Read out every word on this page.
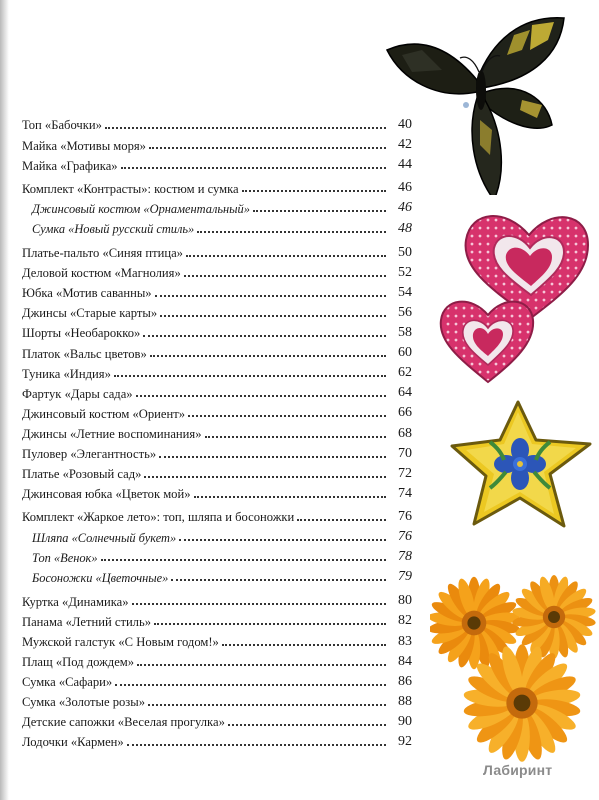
Топ «Бабочки»	40
Майка «Мотивы моря»	42
Майка «Графика»	44
Комплект «Контрасты»: костюм и сумка	46
Джинсовый костюм «Орнаментальный»	46
Сумка «Новый русский стиль»	48
Платье-пальто «Синяя птица»	50
Деловой костюм «Магнолия»	52
Юбка «Мотив саванны»	54
Джинсы «Старые карты»	56
Шорты «Необарокко»	58
Платок «Вальс цветов»	60
Туника «Индия»	62
Фартук «Дары сада»	64
Джинсовый костюм «Ориент»	66
Джинсы «Летние воспоминания»	68
Пуловер «Элегантность»	70
Платье «Розовый сад»	72
Джинсовая юбка «Цветок мой»	74
Комплект «Жаркое лето»: топ, шляпа и босоножки	76
Шляпа «Солнечный букет»	76
Топ «Венок»	78
Босоножки «Цветочные»	79
Куртка «Динамика»	80
Панама «Летний стиль»	82
Мужской галстук «С Новым годом!»	83
Плащ «Под дождем»	84
Сумка «Сафари»	86
Сумка «Золотые розы»	88
Детские сапожки «Веселая прогулка»	90
Лодочки «Кармен»	92
Лабиринт
